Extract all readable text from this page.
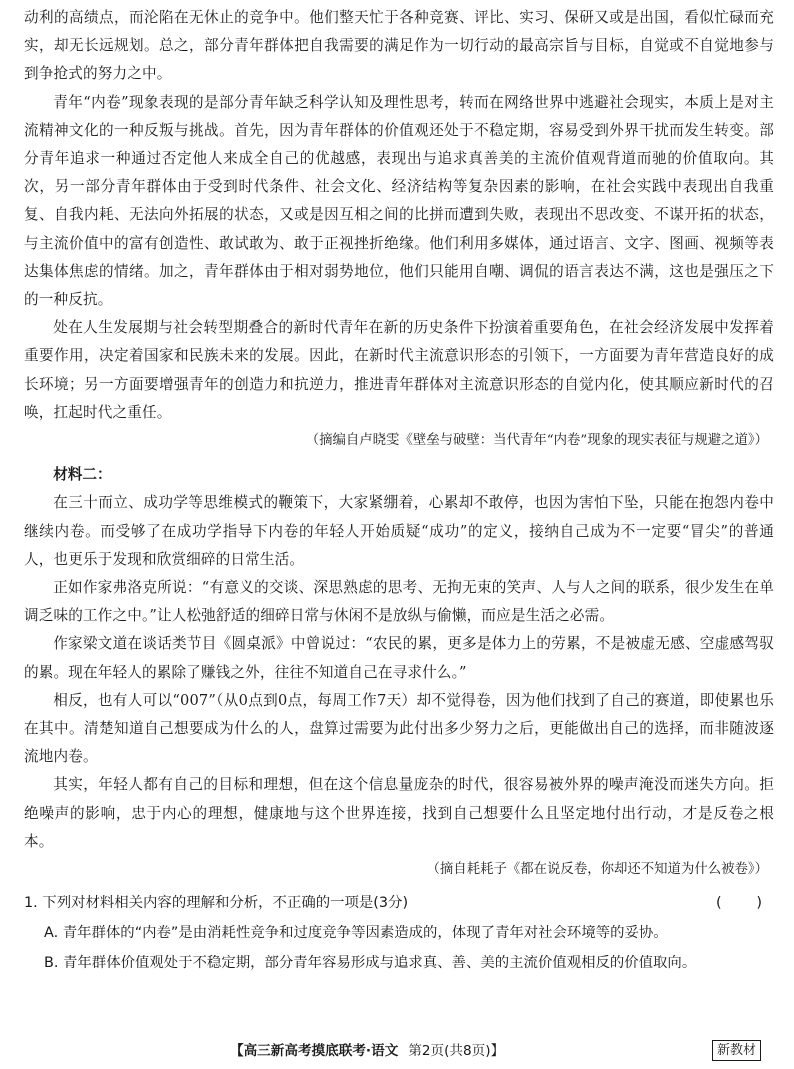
动利的高绩点，而沦陷在无休止的竞争中。他们整天忙于各种竞赛、评比、实习、保研又或是出国，看似忙碌而充实，却无长远规划。总之，部分青年群体把自我需要的满足作为一切行动的最高宗旨与目标，自觉或不自觉地参与到争抢式的努力之中。

青年“内卷”现象表现的是部分青年缺乏科学认知及理性思考，转而在网络世界中逃避社会现实，本质上是对主流精神文化的一种反叛与挑战。首先，因为青年群体的价值观还处于不稳定期，容易受到外界干扰而发生转变。部分青年追求一种通过否定他人来成全自己的优越感，表现出与追求真善美的主流价值观背道而驰的价值取向。其次，另一部分青年群体由于受到时代条件、社会文化、经济结构等复杂因素的影响，在社会实践中表现出自我重复、自我内耗、无法向外拓展的状态，又或是因互相之间的比拼而遭到失败，表现出不思改变、不谋开拓的状态，与主流价值中的富有创造性、敢试敢为、敢于正视挫折绝缘。他们利用多媒体，通过语言、文字、图画、视频等表达集体焦虑的情绪。加之，青年群体由于相对弱势地位，他们只能用自嘲、调侃的语言表达不满，这也是强压之下的一种反抗。

处在人生发展期与社会转型期叠合的新时代青年在新的历史条件下扮演着重要角色，在社会经济发展中发挥着重要作用，决定着国家和民族未来的发展。因此，在新时代主流意识形态的引领下，一方面要为青年营造良好的成长环境；另一方面要增强青年的创造力和抗逆力，推进青年群体对主流意识形态的自觉内化，使其顺应新时代的召唤，扛起时代之重任。

（摘编自卢晓雯《壁垒与破壁：当代青年“内卷”现象的现实表征与规避之道》）

材料二：

在三十而立、成功学等思维模式的鞭策下，大家紧绷着，心累却不敢停，也因为害怕下坠，只能在抱怨内卷中继续内卷。而受够了在成功学指导下内卷的年轻人开始质疑“成功”的定义，接纳自己成为不一定要“冒尖”的普通人，也更乐于发现和欣赏细碎的日常生活。

正如作家弗洛克所说：“有意义的交谈、深思熟虑的思考、无拘无束的笑声、人与人之间的联系，很少发生在单调乏味的工作之中。”让人松弛舒适的细碎日常与休闲不是放纵与偷懒，而应是生活之必需。

作家梁文道在谈话类节目《圆桌派》中曾说过：“农民的累，更多是体力上的劳累，不是被虚无感、空虚感驾驭的累。现在年轻人的累除了赚钱之外，往往不知道自己在寻求什么。”

相反，也有人可以“007”（从0点到0点，每周工作7天）却不觉得卷，因为他们找到了自己的赛道，即使累也乐在其中。清楚知道自己想要成为什么的人，盘算过需要为此付出多少努力之后，更能做出自己的选择，而非随波逐流地内卷。

其实，年轻人都有自己的目标和理想，但在这个信息量庞杂的时代，很容易被外界的噪声淹没而迷失方向。拒绝噪声的影响，忠于内心的理想，健康地与这个世界连接，找到自己想要什么且坚定地付出行动，才是反卷之根本。

（摘自耗耗子《都在说反卷，你却还不知道为什么被卷》）

1. 下列对材料相关内容的理解和分析，不正确的一项是(3分)	(　　)

A. 青年群体的“内卷”是由消耗性竞争和过度竞争等因素造成的，体现了青年对社会环境等的妥协。

B. 青年群体价值观处于不稳定期，部分青年容易形成与追求真、善、美的主流价值观相反的价值取向。

【高三新高考摸底联考·语文 第2页(共8页)】	新教材
